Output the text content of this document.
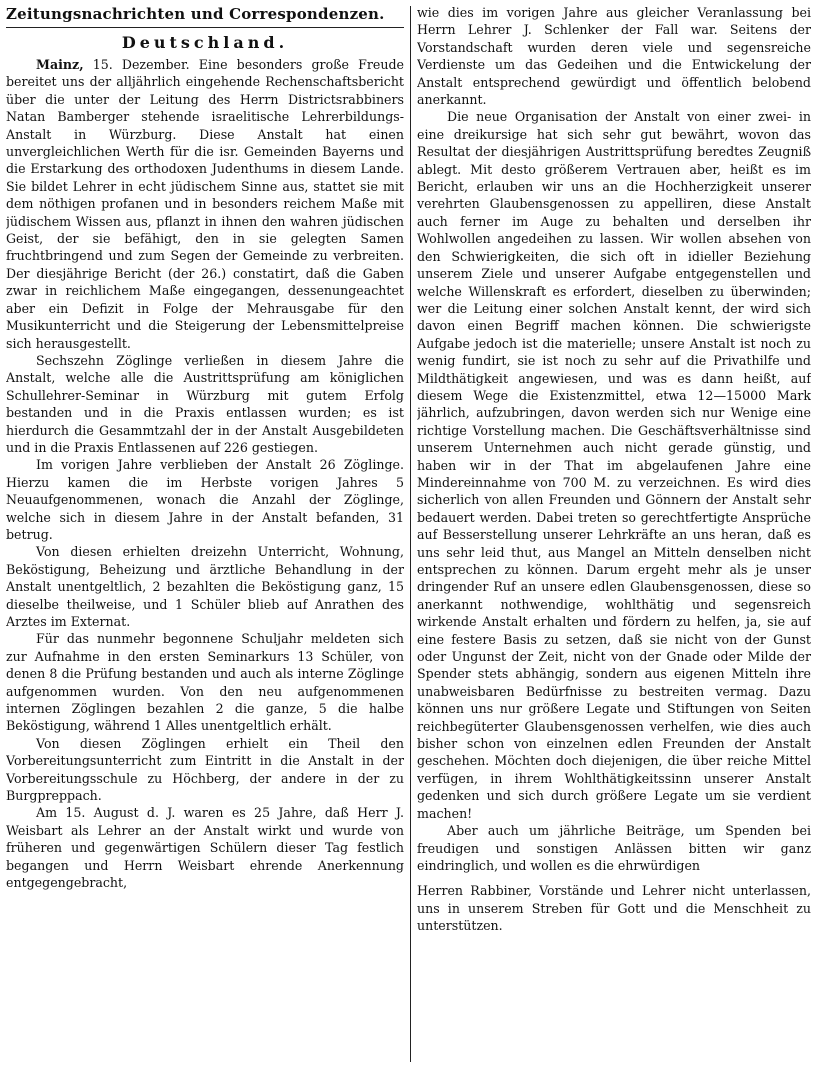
Zeitungsnachrichten und Correspondenzen.
Deutschland.

Mainz, 15. Dezember. Eine besonders große Freude bereitet uns der alljährlich eingehende Rechenschaftsbericht über die unter der Leitung des Herrn Districtsrabbiners Natan Bamberger stehende israelitische Lehrerbildungs-Anstalt in Würzburg. Diese Anstalt hat einen unvergleichlichen Werth für die isr. Gemeinden Bayerns und die Erstarkung des orthodoxen Judenthums in diesem Lande. Sie bildet Lehrer in echt jüdischem Sinne aus, stattet sie mit dem nöthigen profanen und in besonders reichem Maße mit jüdischem Wissen aus, pflanzt in ihnen den wahren jüdischen Geist, der sie befähigt, den in sie gelegten Samen fruchtbringend und zum Segen der Gemeinde zu verbreiten. Der diesjährige Bericht (der 26.) constatirt, daß die Gaben zwar in reichlichem Maße eingegangen, dessenungeachtet aber ein Defizit in Folge der Mehrausgabe für den Musikunterricht und die Steigerung der Lebensmittelpreise sich herausgestellt.

Sechszehn Zöglinge verließen in diesem Jahre die Anstalt, welche alle die Austrittsprüfung am königlichen Schullehrer-Seminar in Würzburg mit gutem Erfolg bestanden und in die Praxis entlassen wurden; es ist hierdurch die Gesammtzahl der in der Anstalt Ausgebildeten und in die Praxis Entlassenen auf 226 gestiegen.

Im vorigen Jahre verblieben der Anstalt 26 Zöglinge. Hierzu kamen die im Herbste vorigen Jahres 5 Neuaufgenommenen, wonach die Anzahl der Zöglinge, welche sich in diesem Jahre in der Anstalt befanden, 31 betrug.

Von diesen erhielten dreizehn Unterricht, Wohnung, Beköstigung, Beheizung und ärztliche Behandlung in der Anstalt unentgeltlich, 2 bezahlten die Beköstigung ganz, 15 dieselbe theilweise, und 1 Schüler blieb auf Anrathen des Arztes im Externat.

Für das nunmehr begonnene Schuljahr meldeten sich zur Aufnahme in den ersten Seminarkurs 13 Schüler, von denen 8 die Prüfung bestanden und auch als interne Zöglinge aufgenommen wurden. Von den neu aufgenommenen internen Zöglingen bezahlen 2 die ganze, 5 die halbe Beköstigung, während 1 Alles unentgeltlich erhält.

Von diesen Zöglingen erhielt ein Theil den Vorbereitungsunterricht zum Eintritt in die Anstalt in der Vorbereitungsschule zu Höchberg, der andere in der zu Burgpreppach.

Am 15. August d. J. waren es 25 Jahre, daß Herr J. Weisbart als Lehrer an der Anstalt wirkt und wurde von früheren und gegenwärtigen Schülern dieser Tag festlich begangen und Herrn Weisbart ehrende Anerkennung entgegengebracht,

wie dies im vorigen Jahre aus gleicher Veranlassung bei Herrn Lehrer J. Schlenker der Fall war. Seitens der Vorstandschaft wurden deren viele und segensreiche Verdienste um das Gedeihen und die Entwickelung der Anstalt entsprechend gewürdigt und öffentlich belobend anerkannt.

Die neue Organisation der Anstalt von einer zwei- in eine dreikursige hat sich sehr gut bewährt, wovon das Resultat der diesjährigen Austrittsprüfung beredtes Zeugniß ablegt. Mit desto größerem Vertrauen aber, heißt es im Bericht, erlauben wir uns an die Hochherzigkeit unserer verehrten Glaubensgenossen zu appelliren, diese Anstalt auch ferner im Auge zu behalten und derselben ihr Wohlwollen angedeihen zu lassen. Wir wollen absehen von den Schwierigkeiten, die sich oft in idieller Beziehung unserem Ziele und unserer Aufgabe entgegenstellen und welche Willenskraft es erfordert, dieselben zu überwinden; wer die Leitung einer solchen Anstalt kennt, der wird sich davon einen Begriff machen können. Die schwierigste Aufgabe jedoch ist die materielle; unsere Anstalt ist noch zu wenig fundirt, sie ist noch zu sehr auf die Privathilfe und Mildthätigkeit angewiesen, und was es dann heißt, auf diesem Wege die Existenzmittel, etwa 12—15000 Mark jährlich, aufzubringen, davon werden sich nur Wenige eine richtige Vorstellung machen. Die Geschäftsverhältnisse sind unserem Unternehmen auch nicht gerade günstig, und haben wir in der That im abgelaufenen Jahre eine Mindereinnahme von 700 M. zu verzeichnen. Es wird dies sicherlich von allen Freunden und Gönnern der Anstalt sehr bedauert werden. Dabei treten so gerechtfertigte Ansprüche auf Besserstellung unserer Lehrkräfte an uns heran, daß es uns sehr leid thut, aus Mangel an Mitteln denselben nicht entsprechen zu können. Darum ergeht mehr als je unser dringender Ruf an unsere edlen Glaubensgenossen, diese so anerkannt nothwendige, wohlthätig und segensreich wirkende Anstalt erhalten und fördern zu helfen, ja, sie auf eine festere Basis zu setzen, daß sie nicht von der Gunst oder Ungunst der Zeit, nicht von der Gnade oder Milde der Spender stets abhängig, sondern aus eigenen Mitteln ihre unabweisbaren Bedürfnisse zu bestreiten vermag. Dazu können uns nur größere Legate und Stiftungen von Seiten reichbegüterter Glaubensgenossen verhelfen, wie dies auch bisher schon von einzelnen edlen Freunden der Anstalt geschehen. Möchten doch diejenigen, die über reiche Mittel verfügen, in ihrem Wohlthätigkeitssinn unserer Anstalt gedenken und sich durch größere Legate um sie verdient machen!

Aber auch um jährliche Beiträge, um Spenden bei freudigen und sonstigen Anlässen bitten wir ganz eindringlich, und wollen es die ehrwürdigen

Herren Rabbiner, Vorstände und Lehrer nicht unterlassen, uns in unserem Streben für Gott und die Menschheit zu unterstützen.
